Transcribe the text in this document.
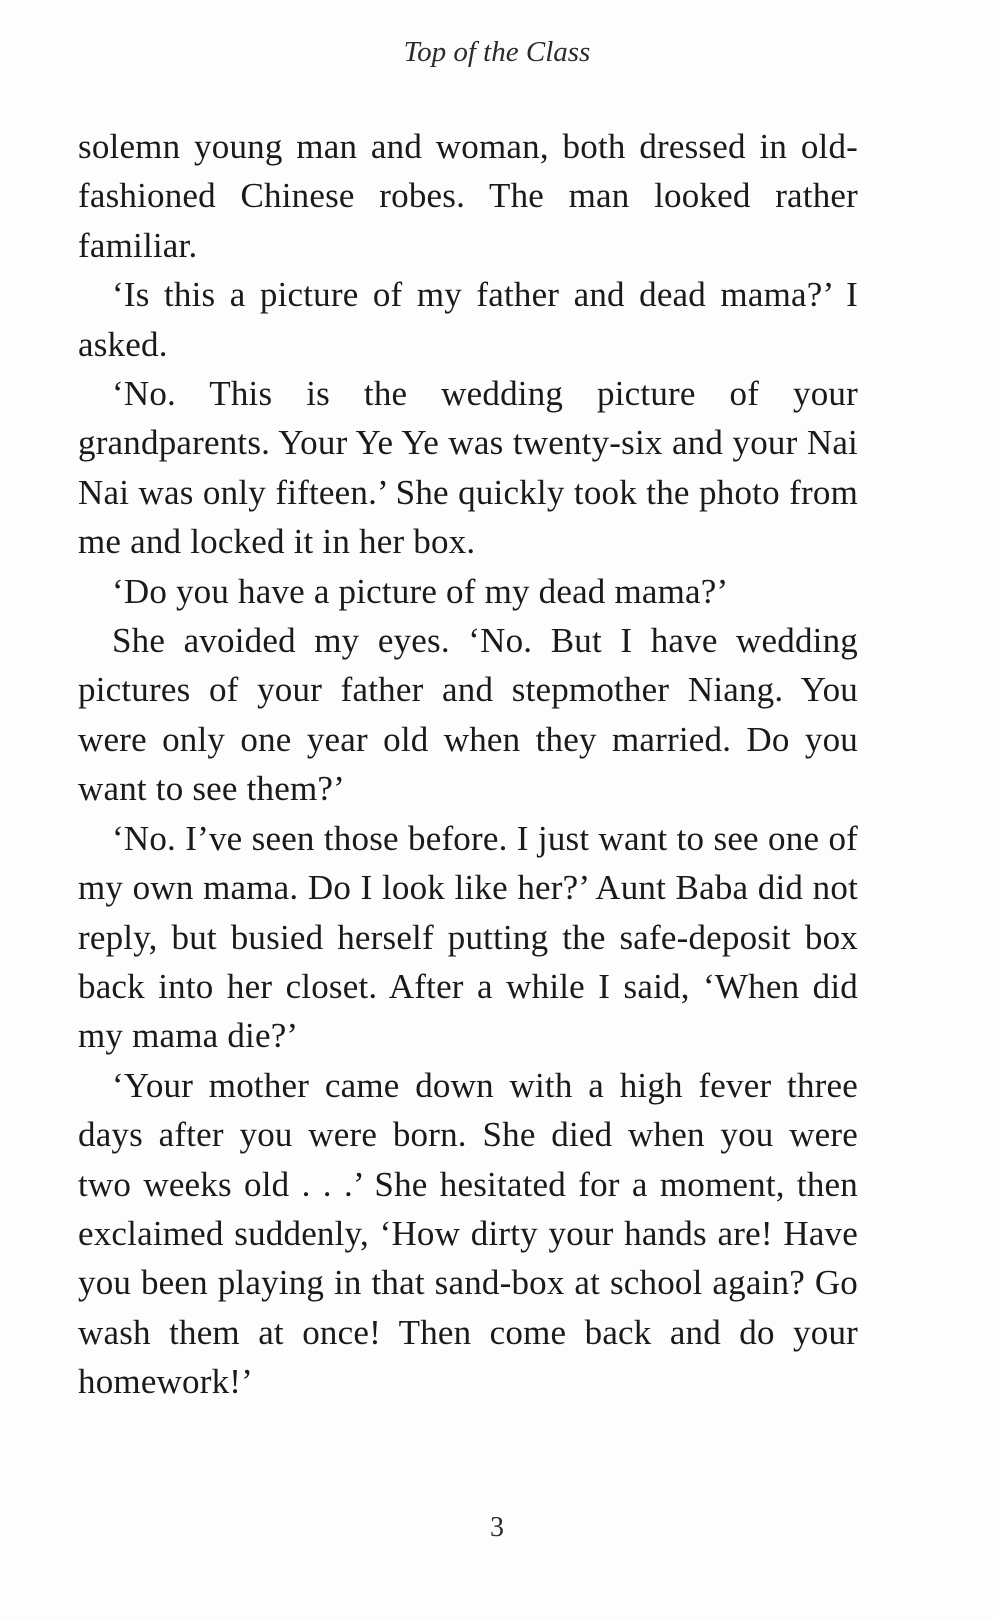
Top of the Class

solemn young man and woman, both dressed in old-fashioned Chinese robes. The man looked rather familiar.

‘Is this a picture of my father and dead mama?’ I asked.

‘No. This is the wedding picture of your grandparents. Your Ye Ye was twenty-six and your Nai Nai was only fifteen.’ She quickly took the photo from me and locked it in her box.

‘Do you have a picture of my dead mama?’

She avoided my eyes. ‘No. But I have wedding pictures of your father and stepmother Niang. You were only one year old when they married. Do you want to see them?’

‘No. I’ve seen those before. I just want to see one of my own mama. Do I look like her?’ Aunt Baba did not reply, but busied herself putting the safe-deposit box back into her closet. After a while I said, ‘When did my mama die?’

‘Your mother came down with a high fever three days after you were born. She died when you were two weeks old . . .’ She hesitated for a moment, then exclaimed suddenly, ‘How dirty your hands are! Have you been playing in that sand-box at school again? Go wash them at once! Then come back and do your homework!’

3
